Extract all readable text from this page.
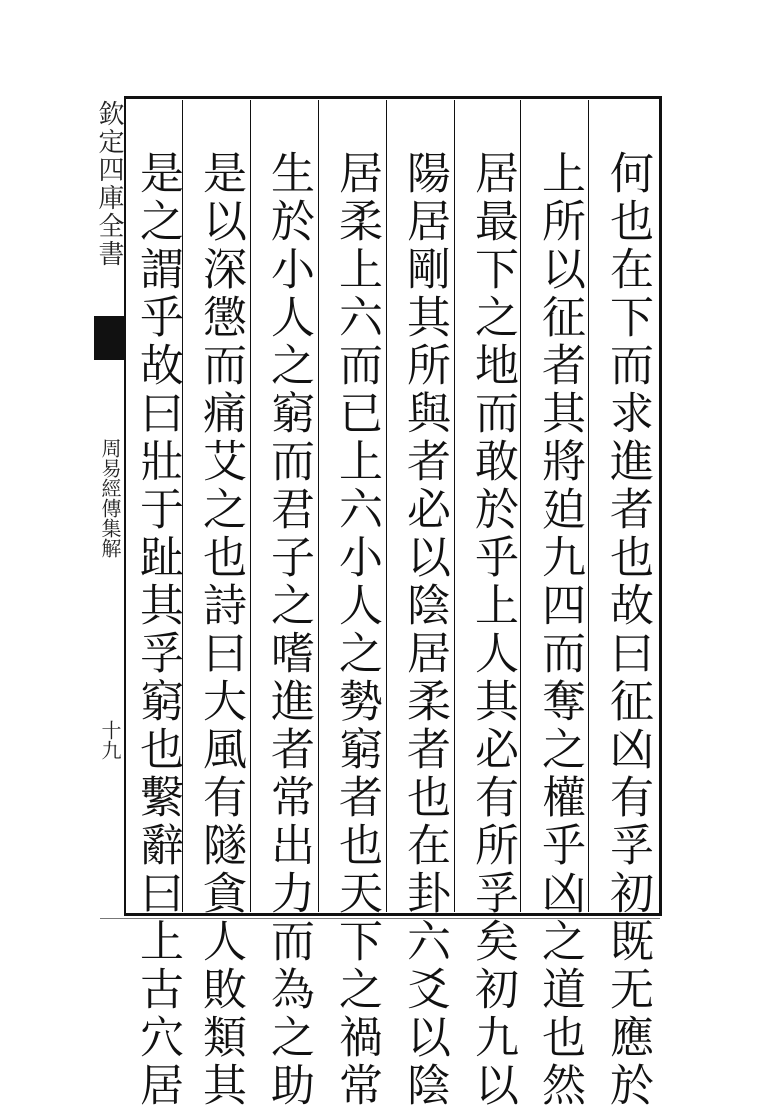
欽定四庫全書
周易經傳集解
十九	何也在下而求進者也故曰征凶有孚初既无應於
上所以征者其將廹九四而奪之權乎凶之道也然
居最下之地而敢於乎上人其必有所孚矣初九以
陽居剛其所與者必以陰居柔者也在卦六爻以陰
居柔上六而已上六小人之勢窮者也天下之禍常
生於小人之窮而君子之嗜進者常出力而為之助
是以深懲而痛艾之也詩曰大風有隧貪人敗類其
是之謂乎故曰壯于趾其孚窮也繫辭曰上古穴居
